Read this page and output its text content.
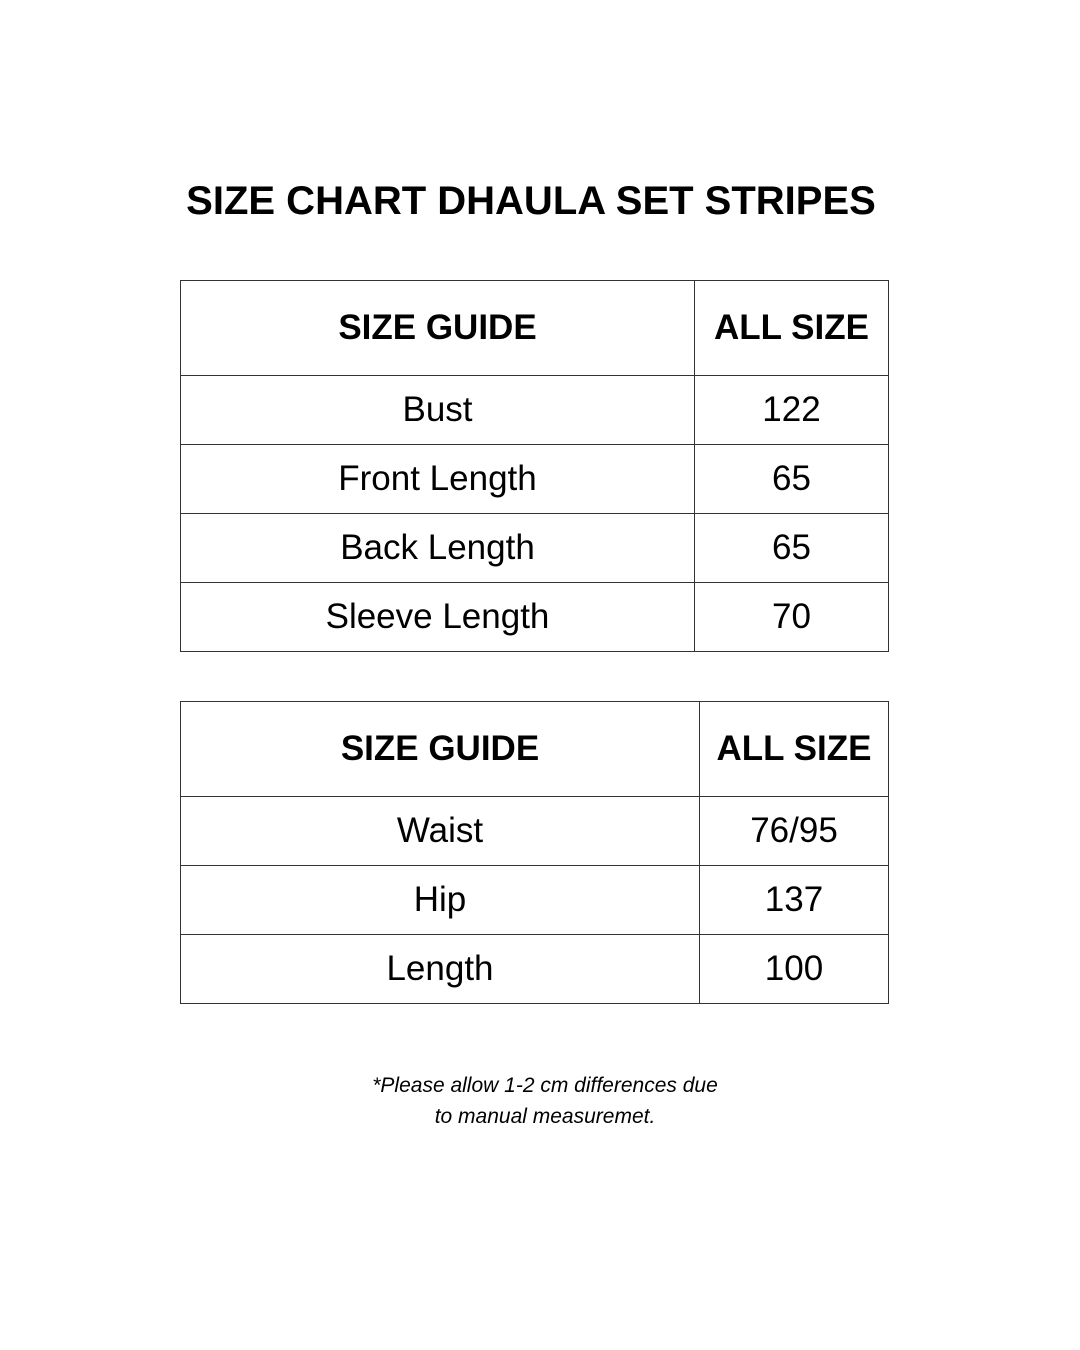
SIZE CHART DHAULA SET STRIPES
SIZE GUIDE	ALL SIZE
Bust	122
Front Length	65
Back Length	65
Sleeve Length	70
SIZE GUIDE	ALL SIZE
Waist	76/95
Hip	137
Length	100
*Please allow 1-2 cm differences due
to manual measuremet.
